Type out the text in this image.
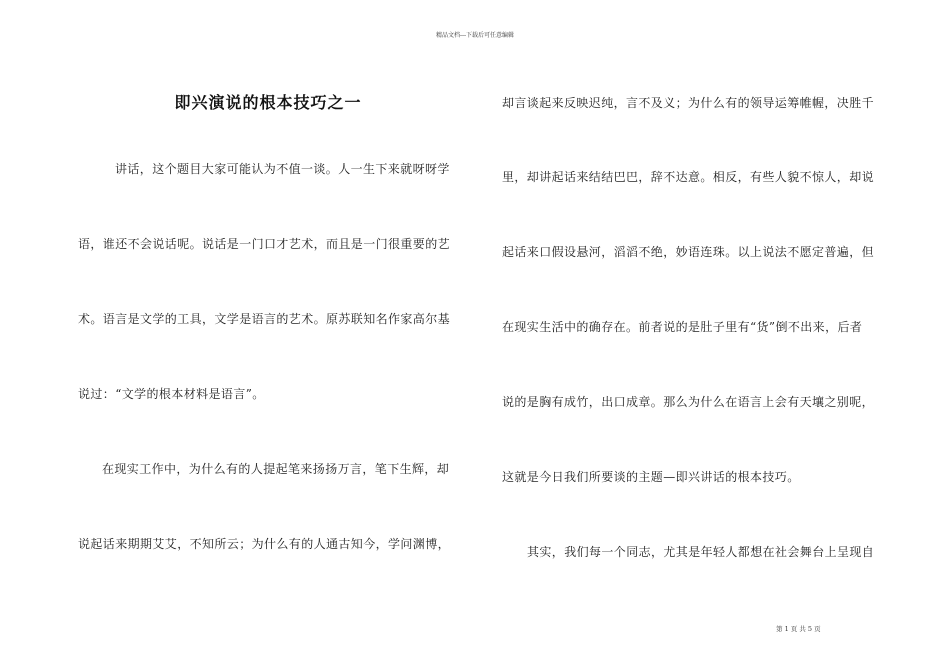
精品文档---下载后可任意编辑
即兴演说的根本技巧之一
讲话，这个题目大家可能认为不值一谈。人一生下来就呀呀学
语，谁还不会说话呢。说话是一门口才艺术，而且是一门很重要的艺
术。语言是文学的工具，文学是语言的艺术。原苏联知名作家高尔基
说过：“文学的根本材料是语言”。
在现实工作中，为什么有的人提起笔来扬扬万言，笔下生辉，却
说起话来期期艾艾，不知所云；为什么有的人通古知今，学问渊博，
却言谈起来反映迟纯，言不及义；为什么有的领导运筹帷幄，决胜千
里，却讲起话来结结巴巴，辞不达意。相反，有些人貌不惊人，却说
起话来口假设悬河，滔滔不绝，妙语连珠。以上说法不愿定普遍，但
在现实生活中的确存在。前者说的是肚子里有“货”倒不出来，后者
说的是胸有成竹，出口成章。那么为什么在语言上会有天壤之别呢，
这就是今日我们所要谈的主题—即兴讲话的根本技巧。
其实，我们每一个同志，尤其是年轻人都想在社会舞台上呈现自
第 1 页 共 5 页
